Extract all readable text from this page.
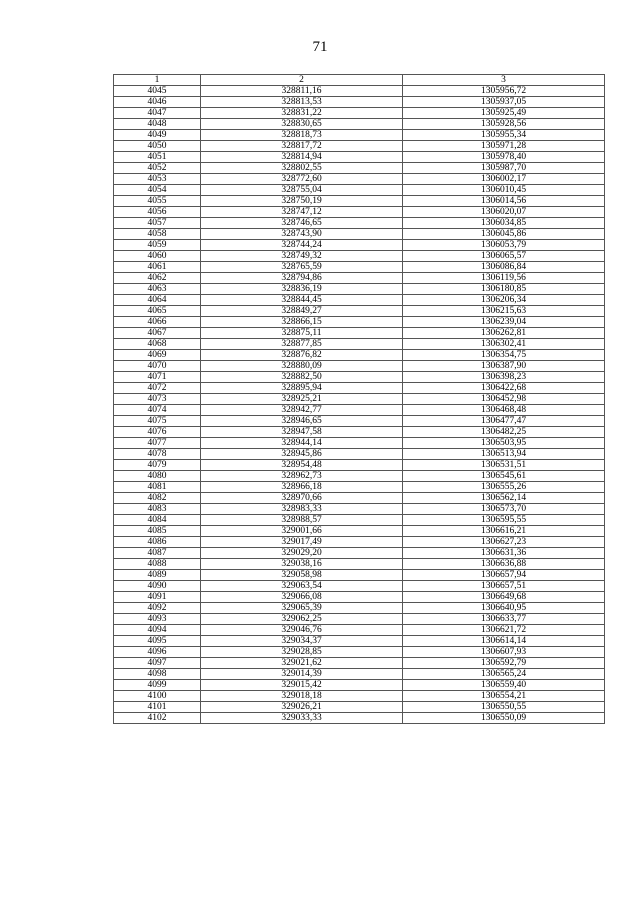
71
1	2	3
4045	328811,16	1305956,72
4046	328813,53	1305937,05
4047	328831,22	1305925,49
4048	328830,65	1305928,56
4049	328818,73	1305955,34
4050	328817,72	1305971,28
4051	328814,94	1305978,40
4052	328802,55	1305987,70
4053	328772,60	1306002,17
4054	328755,04	1306010,45
4055	328750,19	1306014,56
4056	328747,12	1306020,07
4057	328746,65	1306034,85
4058	328743,90	1306045,86
4059	328744,24	1306053,79
4060	328749,32	1306065,57
4061	328765,59	1306086,84
4062	328794,86	1306119,56
4063	328836,19	1306180,85
4064	328844,45	1306206,34
4065	328849,27	1306215,63
4066	328866,15	1306239,04
4067	328875,11	1306262,81
4068	328877,85	1306302,41
4069	328876,82	1306354,75
4070	328880,09	1306387,90
4071	328882,50	1306398,23
4072	328895,94	1306422,68
4073	328925,21	1306452,98
4074	328942,77	1306468,48
4075	328946,65	1306477,47
4076	328947,58	1306482,25
4077	328944,14	1306503,95
4078	328945,86	1306513,94
4079	328954,48	1306531,51
4080	328962,73	1306545,61
4081	328966,18	1306555,26
4082	328970,66	1306562,14
4083	328983,33	1306573,70
4084	328988,57	1306595,55
4085	329001,66	1306616,21
4086	329017,49	1306627,23
4087	329029,20	1306631,36
4088	329038,16	1306636,88
4089	329058,98	1306657,94
4090	329063,54	1306657,51
4091	329066,08	1306649,68
4092	329065,39	1306640,95
4093	329062,25	1306633,77
4094	329046,76	1306621,72
4095	329034,37	1306614,14
4096	329028,85	1306607,93
4097	329021,62	1306592,79
4098	329014,39	1306565,24
4099	329015,42	1306559,40
4100	329018,18	1306554,21
4101	329026,21	1306550,55
4102	329033,33	1306550,09
